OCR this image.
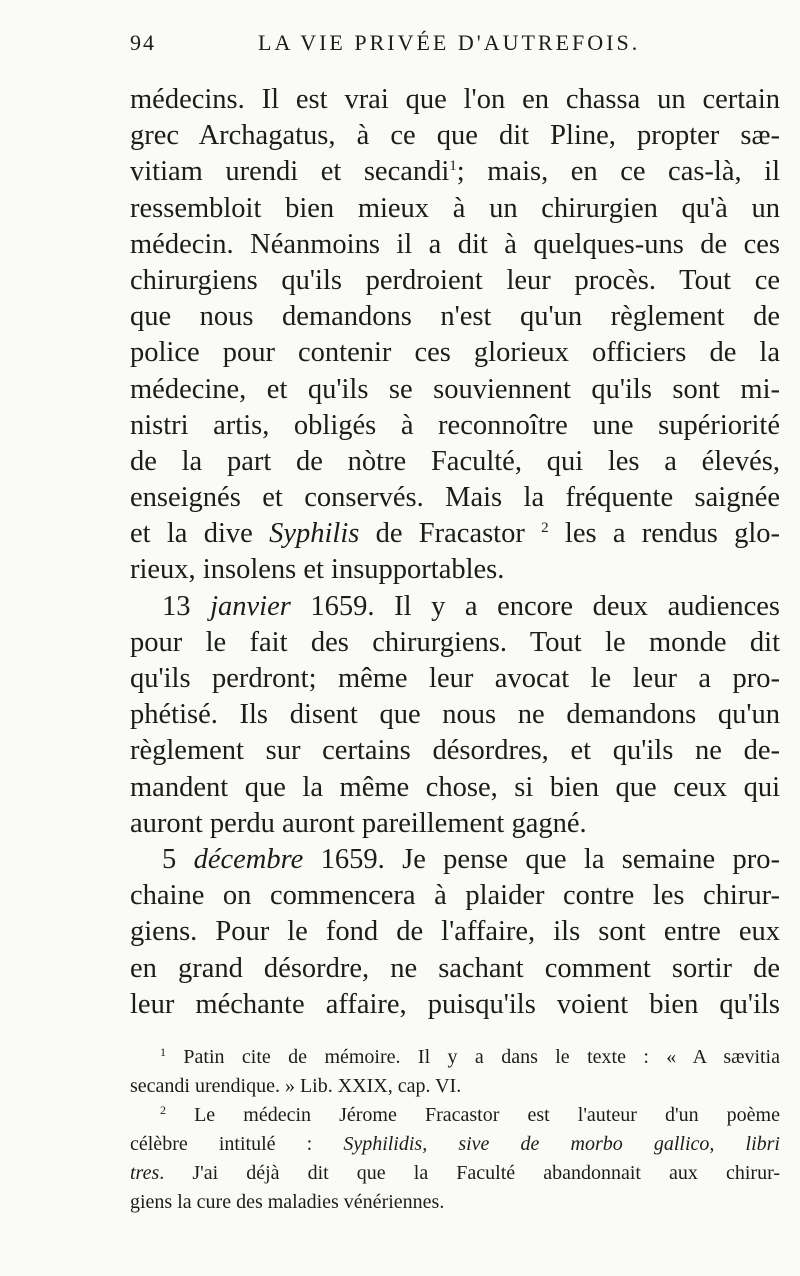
94	LA VIE PRIVÉE D'AUTREFOIS.
médecins. Il est vrai que l'on en chassa un certain
grec Archagatus, à ce que dit Pline, propter sæ-
vitiam urendi et secandi$^1$; mais, en ce cas-là, il
ressembloit bien mieux à un chirurgien qu'à un
médecin. Néanmoins il a dit à quelques-uns de ces
chirurgiens qu'ils perdroient leur procès. Tout ce
que nous demandons n'est qu'un règlement de
police pour contenir ces glorieux officiers de la
médecine, et qu'ils se souviennent qu'ils sont mi-
nistri artis, obligés à reconnoître une supériorité
de la part de nòtre Faculté, qui les a élevés,
enseignés et conservés. Mais la fréquente saignée
et la dive Syphilis de Fracastor $^2$ les a rendus glo-
rieux, insolens et insupportables.
13 janvier 1659. Il y a encore deux audiences
pour le fait des chirurgiens. Tout le monde dit
qu'ils perdront; même leur avocat le leur a pro-
phétisé. Ils disent que nous ne demandons qu'un
règlement sur certains désordres, et qu'ils ne de-
mandent que la même chose, si bien que ceux qui
auront perdu auront pareillement gagné.
5 décembre 1659. Je pense que la semaine pro-
chaine on commencera à plaider contre les chirur-
giens. Pour le fond de l'affaire, ils sont entre eux
en grand désordre, ne sachant comment sortir de
leur méchante affaire, puisqu'ils voient bien qu'ils
$^1$ Patin cite de mémoire. Il y a dans le texte : « A sævitia
secandi urendique. » Lib. XXIX, cap. VI.
$^2$ Le médecin Jérome Fracastor est l'auteur d'un poème
célèbre intitulé : Syphilidis, sive de morbo gallico, libri
tres. J'ai déjà dit que la Faculté abandonnait aux chirur-
giens la cure des maladies vénériennes.
